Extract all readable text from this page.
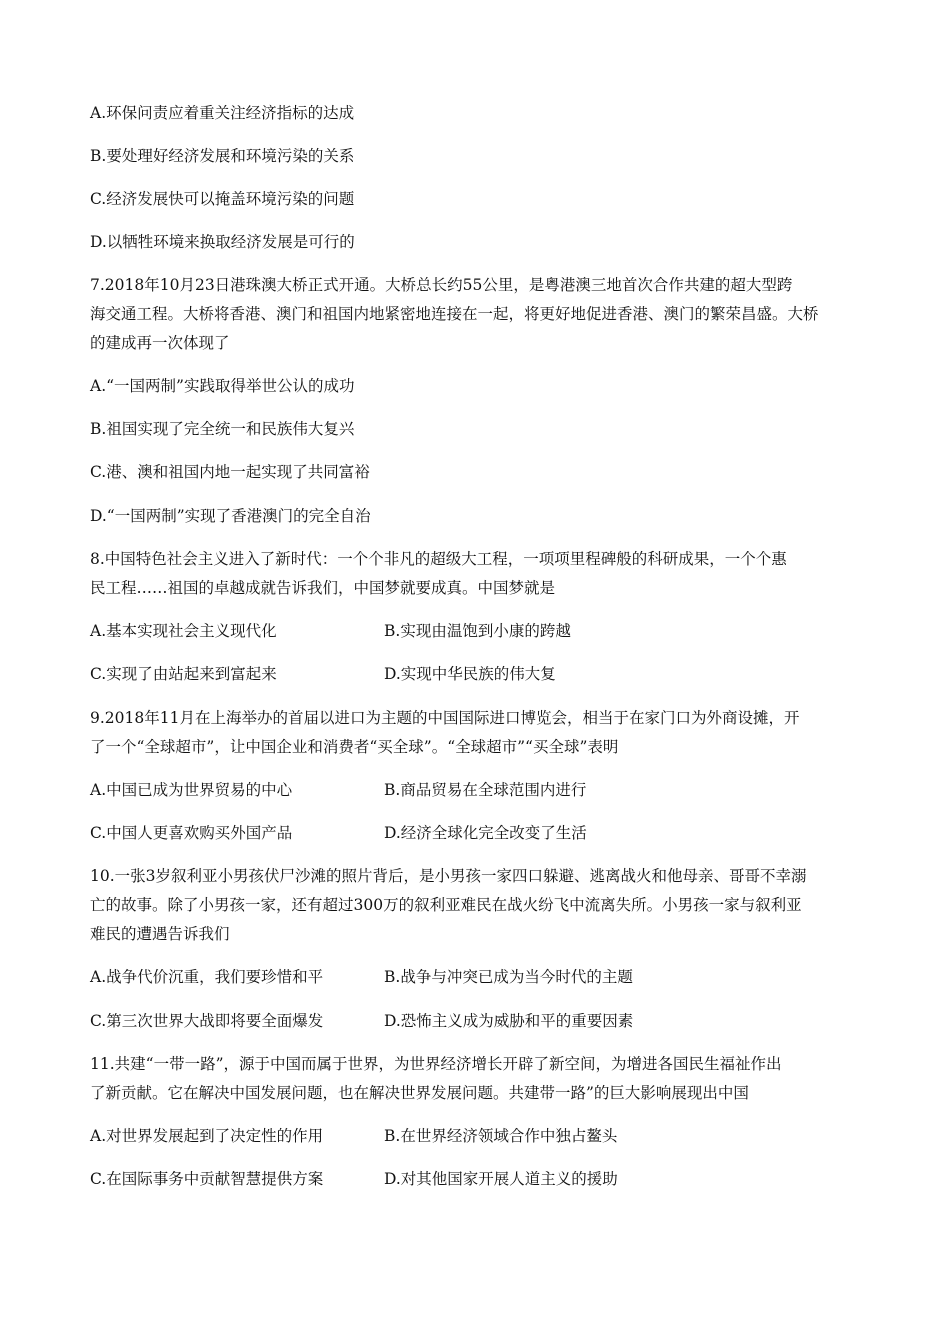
A.环保问责应着重关注经济指标的达成

B.要处理好经济发展和环境污染的关系

C.经济发展快可以掩盖环境污染的问题

D.以牺牲环境来换取经济发展是可行的

7.2018年10月23日港珠澳大桥正式开通。大桥总长约55公里，是粤港澳三地首次合作共建的超大型跨

海交通工程。大桥将香港、澳门和祖国内地紧密地连接在一起，将更好地促进香港、澳门的繁荣昌盛。大桥

的建成再一次体现了

A.“一国两制”实践取得举世公认的成功

B.祖国实现了完全统一和民族伟大复兴

C.港、澳和祖国内地一起实现了共同富裕

D.“一国两制”实现了香港澳门的完全自治

8.中国特色社会主义进入了新时代：一个个非凡的超级大工程，一项项里程碑般的科研成果，一个个惠

民工程……祖国的卓越成就告诉我们，中国梦就要成真。中国梦就是

A.基本实现社会主义现代化	B.实现由温饱到小康的跨越

C.实现了由站起来到富起来	D.实现中华民族的伟大复

9.2018年11月在上海举办的首届以进口为主题的中国国际进口博览会，相当于在家门口为外商设摊，开

了一个“全球超市”，让中国企业和消费者“买全球”。“全球超市”“买全球”表明

A.中国已成为世界贸易的中心	B.商品贸易在全球范围内进行

C.中国人更喜欢购买外国产品	D.经济全球化完全改变了生活

10.一张3岁叙利亚小男孩伏尸沙滩的照片背后，是小男孩一家四口躲避、逃离战火和他母亲、哥哥不幸溺

亡的故事。除了小男孩一家，还有超过300万的叙利亚难民在战火纷飞中流离失所。小男孩一家与叙利亚

难民的遭遇告诉我们

A.战争代价沉重，我们要珍惜和平	B.战争与冲突已成为当今时代的主题

C.第三次世界大战即将要全面爆发	D.恐怖主义成为威胁和平的重要因素

11.共建“一带一路”，源于中国而属于世界，为世界经济增长开辟了新空间，为增进各国民生福祉作出

了新贡献。它在解决中国发展问题，也在解决世界发展问题。共建带一路”的巨大影响展现出中国

A.对世界发展起到了决定性的作用	B.在世界经济领域合作中独占鳌头

C.在国际事务中贡献智慧提供方案	D.对其他国家开展人道主义的援助
